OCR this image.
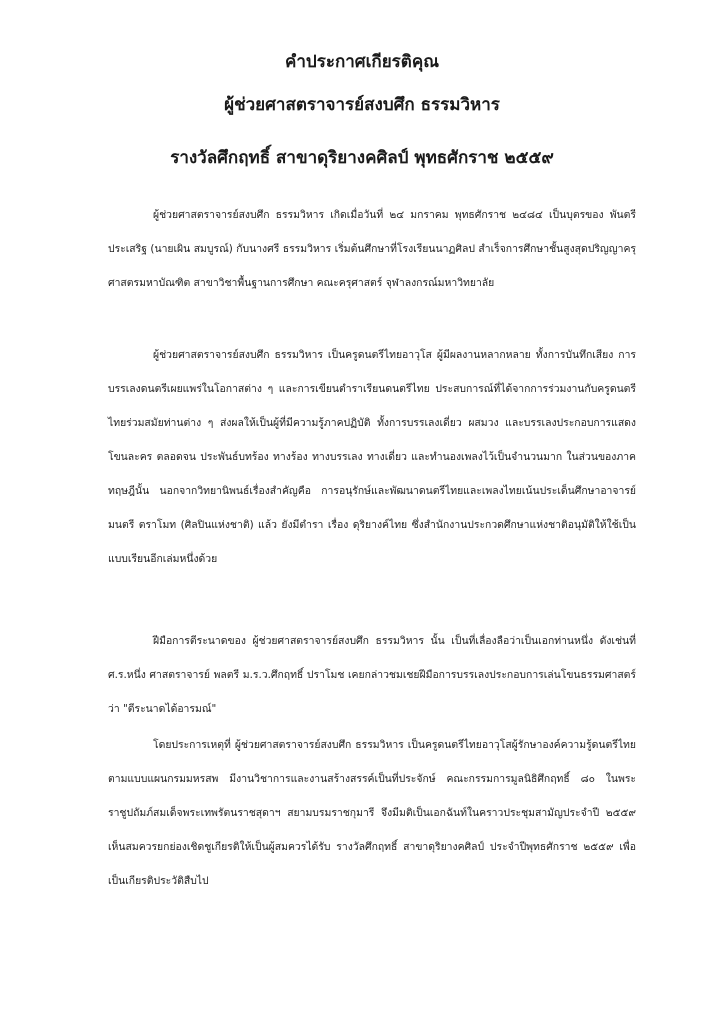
คำประกาศเกียรติคุณ
ผู้ช่วยศาสตราจารย์สงบศึก ธรรมวิหาร
รางวัลศึกฤทธิ์ สาขาดุริยางคศิลป์ พุทธศักราช ๒๕๕๙

ผู้ช่วยศาสตราจารย์สงบศึก ธรรมวิหาร เกิดเมื่อวันที่ ๒๔ มกราคม พุทธศักราช ๒๔๘๔ เป็นบุตรของ พันตรีประเสริฐ (นายเผิน สมบูรณ์) กับนางศรี ธรรมวิหาร เริ่มต้นศึกษาที่โรงเรียนนาฏศิลป สำเร็จการศึกษาชั้นสูงสุดปริญญาครุศาสตรมหาบัณฑิต สาขาวิชาพื้นฐานการศึกษา คณะครุศาสตร์ จุฬาลงกรณ์มหาวิทยาลัย

ผู้ช่วยศาสตราจารย์สงบศึก ธรรมวิหาร เป็นครูดนตรีไทยอาวุโส ผู้มีผลงานหลากหลาย ทั้งการบันทึกเสียง การบรรเลงดนตรีเผยแพร่ในโอกาสต่าง ๆ และการเขียนตำราเรียนดนตรีไทย ประสบการณ์ที่ได้จากการร่วมงานกับครูดนตรีไทยร่วมสมัยท่านต่าง ๆ ส่งผลให้เป็นผู้ที่มีความรู้ภาคปฏิบัติ ทั้งการบรรเลงเดี่ยว ผสมวง และบรรเลงประกอบการแสดงโขนละคร ตลอดจน ประพันธ์บทร้อง ทางร้อง ทางบรรเลง ทางเดี่ยว และทำนองเพลงไว้เป็นจำนวนมาก ในส่วนของภาคทฤษฎีนั้น นอกจากวิทยานิพนธ์เรื่องสำคัญคือ การอนุรักษ์และพัฒนาดนตรีไทยและเพลงไทยเน้นประเด็นศึกษาอาจารย์มนตรี ตราโมท (ศิลปินแห่งชาติ) แล้ว ยังมีตำรา เรื่อง ดุริยางค์ไทย ซึ่งสำนักงานประกวดศึกษาแห่งชาติอนุมัติให้ใช้เป็นแบบเรียนอีกเล่มหนึ่งด้วย

ฝีมือการตีระนาดของ ผู้ช่วยศาสตราจารย์สงบศึก ธรรมวิหาร นั้น เป็นที่เลื่องลือว่าเป็นเอกท่านหนึ่ง ดังเช่นที่ ศ.ร.หนึ่ง ศาสตราจารย์ พลตรี ม.ร.ว.ศึกฤทธิ์ ปราโมช เคยกล่าวชมเชยฝีมือการบรรเลงประกอบการเล่นโขนธรรมศาสตร์ว่า "ตีระนาดได้อารมณ์"

โดยประการเหตุที่ ผู้ช่วยศาสตราจารย์สงบศึก ธรรมวิหาร เป็นครูดนตรีไทยอาวุโสผู้รักษาองค์ความรู้ดนตรีไทยตามแบบแผนกรมมหรสพ มีงานวิชาการและงานสร้างสรรค์เป็นที่ประจักษ์ คณะกรรมการมูลนิธิศึกฤทธิ์ ๘๐ ในพระราชูปถัมภ์สมเด็จพระเทพรัตนราชสุดาฯ สยามบรมราชกุมารี จึงมีมติเป็นเอกฉันท์ในคราวประชุมสามัญประจำปี ๒๕๕๙ เห็นสมควรยกย่องเชิดชูเกียรติให้เป็นผู้สมควรได้รับ รางวัลศึกฤทธิ์ สาขาดุริยางคศิลป์ ประจำปีพุทธศักราช ๒๕๕๙ เพื่อเป็นเกียรติประวัติสืบไป
